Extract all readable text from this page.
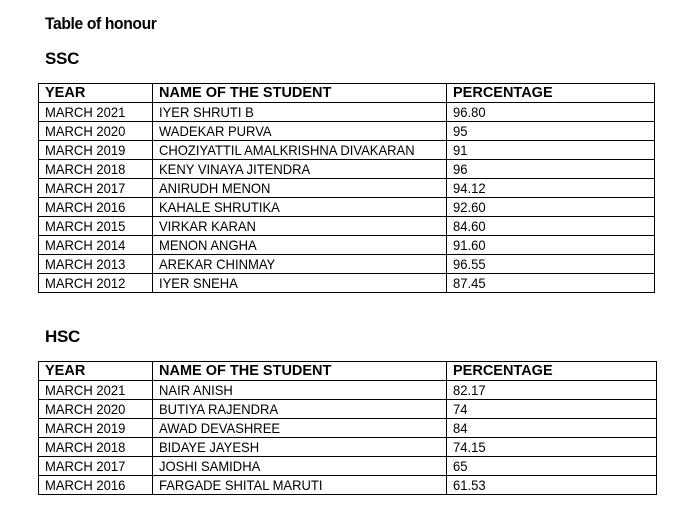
Table of honour
SSC
YEAR	NAME OF THE STUDENT	PERCENTAGE
MARCH 2021	IYER SHRUTI B	96.80
MARCH 2020	WADEKAR PURVA	95
MARCH 2019	CHOZIYATTIL AMALKRISHNA DIVAKARAN	91
MARCH 2018	KENY VINAYA JITENDRA	96
MARCH 2017	ANIRUDH MENON	94.12
MARCH 2016	KAHALE SHRUTIKA	92.60
MARCH 2015	VIRKAR KARAN	84.60
MARCH 2014	MENON ANGHA	91.60
MARCH 2013	AREKAR CHINMAY	96.55
MARCH 2012	IYER SNEHA	87.45
HSC
YEAR	NAME OF THE STUDENT	PERCENTAGE
MARCH 2021	NAIR ANISH	82.17
MARCH 2020	BUTIYA RAJENDRA	74
MARCH 2019	AWAD DEVASHREE	84
MARCH 2018	BIDAYE JAYESH	74.15
MARCH 2017	JOSHI SAMIDHA	65
MARCH 2016	FARGADE SHITAL MARUTI	61.53
